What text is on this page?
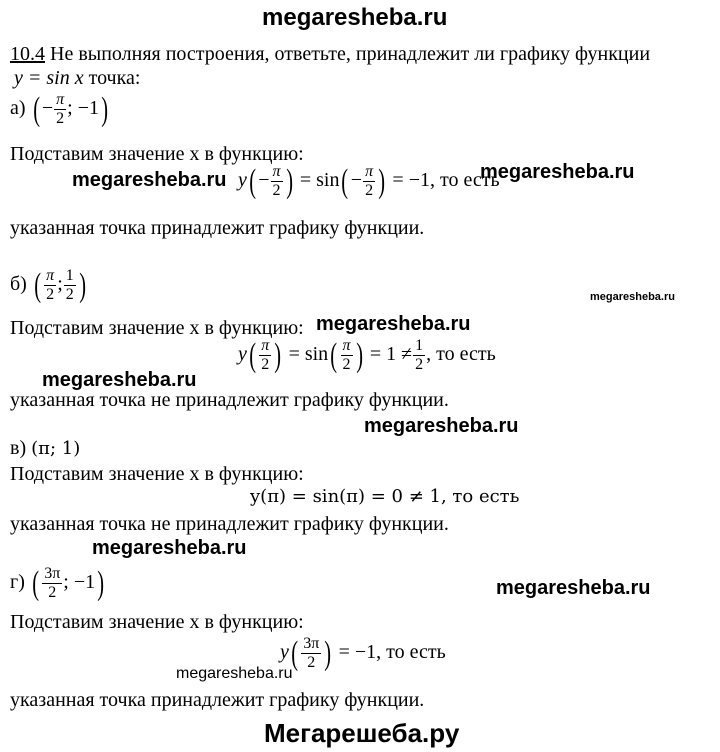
megaresheba.ru
10.4 Не выполняя построения, ответьте, принадлежит ли графику функции
y = sin x точка:
а) ( − $\frac{\pi}{2}$ ; −1)
Подставим значение х в функцию:
megaresheba.ru $y( - \frac{\pi}{2}$ ) = $\sin( - \frac{\pi}{2}$ ) = −1, то есть
megaresheba.ru
указанная точка принадлежит графику функции.
б) ( $\frac{\pi}{2}$ ; $\frac{1}{2}$ )	megaresheba.ru
Подставим значение х в функцию: megaresheba.ru
$y( \frac{\pi}{2}$ ) = $\sin( \frac{\pi}{2}$ ) = $1 \ne \frac{1}{2}$ , то есть
megaresheba.ru
указанная точка не принадлежит графику функции.
в) (π; 1)
megaresheba.ru
Подставим значение х в функцию:
y(π) = sin(π) = 0 ≠ 1, то есть
указанная точка не принадлежит графику функции.
megaresheba.ru
г) ( $\frac{3\pi}{2}$ ; −1)	megaresheba.ru
Подставим значение х в функцию:
$y( \frac{3\pi}{2}$ ) = −1, то есть
megaresheba.ru
указанная точка принадлежит графику функции.
Мегарешеба.ру
